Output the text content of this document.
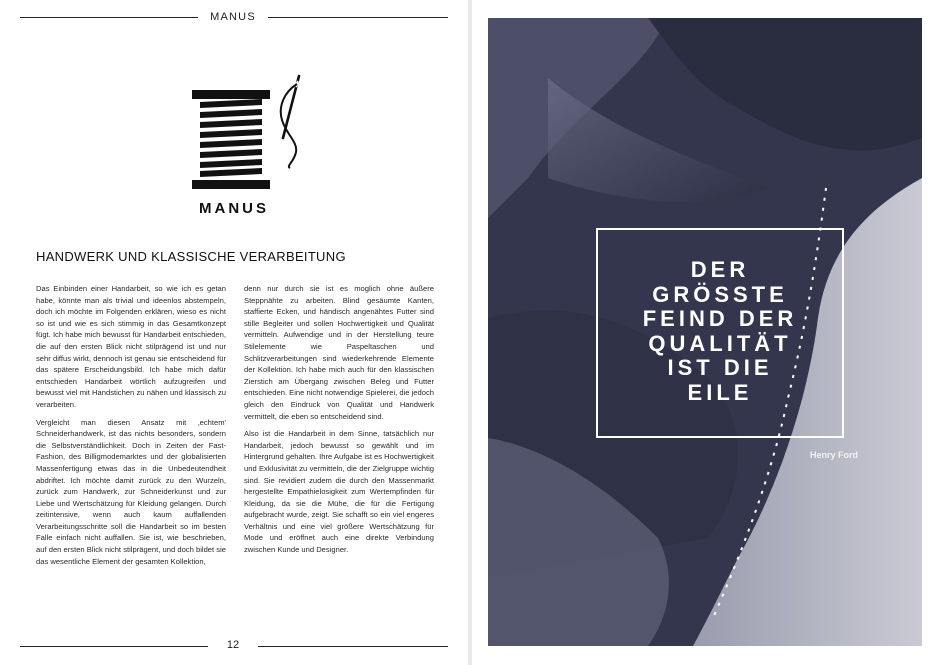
MANUS
MANUS
HANDWERK UND KLASSISCHE VERARBEITUNG

Das Einbinden einer Handarbeit, so wie ich es getan habe, könnte man als trivial und ideenlos abstempeln, doch ich möchte im Folgenden erklären, wieso es nicht so ist und wie es sich stimmig in das Gesamtkonzept fügt. Ich habe mich bewusst für Handarbeit entschieden, die auf den ersten Blick nicht stilprägend ist und nur sehr diffus wirkt, dennoch ist genau sie entscheidend für das spätere Erscheidungsbild. Ich habe mich dafür entschieden Handarbeit wörtlich aufzugreifen und bewusst viel mit Handstichen zu nähen und klassisch zu verarbeiten.

Vergleicht man diesen Ansatz mit ‚echtem' Schneiderhandwerk, ist das nichts besonders, sondern die Selbstverständlichkeit. Doch in Zeiten der Fast-Fashion, des Billigmodemarktes und der globalisierten Massenfertigung etwas das in die Unbedeutendheit abdriftet. Ich möchte damit zurück zu den Wurzeln, zurück zum Handwerk, zur Schneiderkunst und zur Liebe und Wertschätzung für Kleidung gelangen. Durch zeitintensive, wenn auch kaum auffallenden Verarbeitungsschritte soll die Handarbeit so im besten Falle einfach nicht auffallen. Sie ist, wie beschrieben, auf den ersten Blick nicht stilprägent, und doch bildet sie das wesentliche Element der gesamten Kollektion,

denn nur durch sie ist es moglich ohne äußere Steppnähte zu arbeiten. Blind gesäumte Kanten, staffierte Ecken, und händisch angenähtes Futter sind stille Begleiter und sollen Hochwertigkeit und Qualität vermitteln. Aufwendige und in der Herstellung teure Stilelemente wie Paspeltaschen und Schlitzverarbeitungen sind wiederkehrende Elemente der Kollektion. Ich habe mich auch für den klassischen Zierstich am Übergang zwischen Beleg und Futter entschieden. Eine nicht notwendige Spielerei, die jedoch gleich den Eindruck von Qualität und Handwerk vermittelt, die eben so entscheidend sind.

Also ist die Handarbeit in dem Sinne, tatsächlich nur Handarbeit, jedoch bewusst so gewählt und im Hintergrund gehalten. Ihre Aufgabe ist es Hochwertigkeit und Exklusivität zu vermitteln, die der Zielgruppe wichtig sind. Sie revidiert zudem die durch den Massenmarkt hergestellte Empathielosigkeit zum Wertempfinden für Kleidung, da sie die Mühe, die für die Fertigung aufgebracht wurde, zeigt. Sie schafft so ein viel engeres Verhältnis und eine viel größere Wertschätzung für Mode und eröffnet auch eine direkte Verbindung zwischen Kunde und Designer.

12
DER
GRÖSSTE
FEIND DER
QUALITÄT
IST DIE
EILE
Henry Ford
